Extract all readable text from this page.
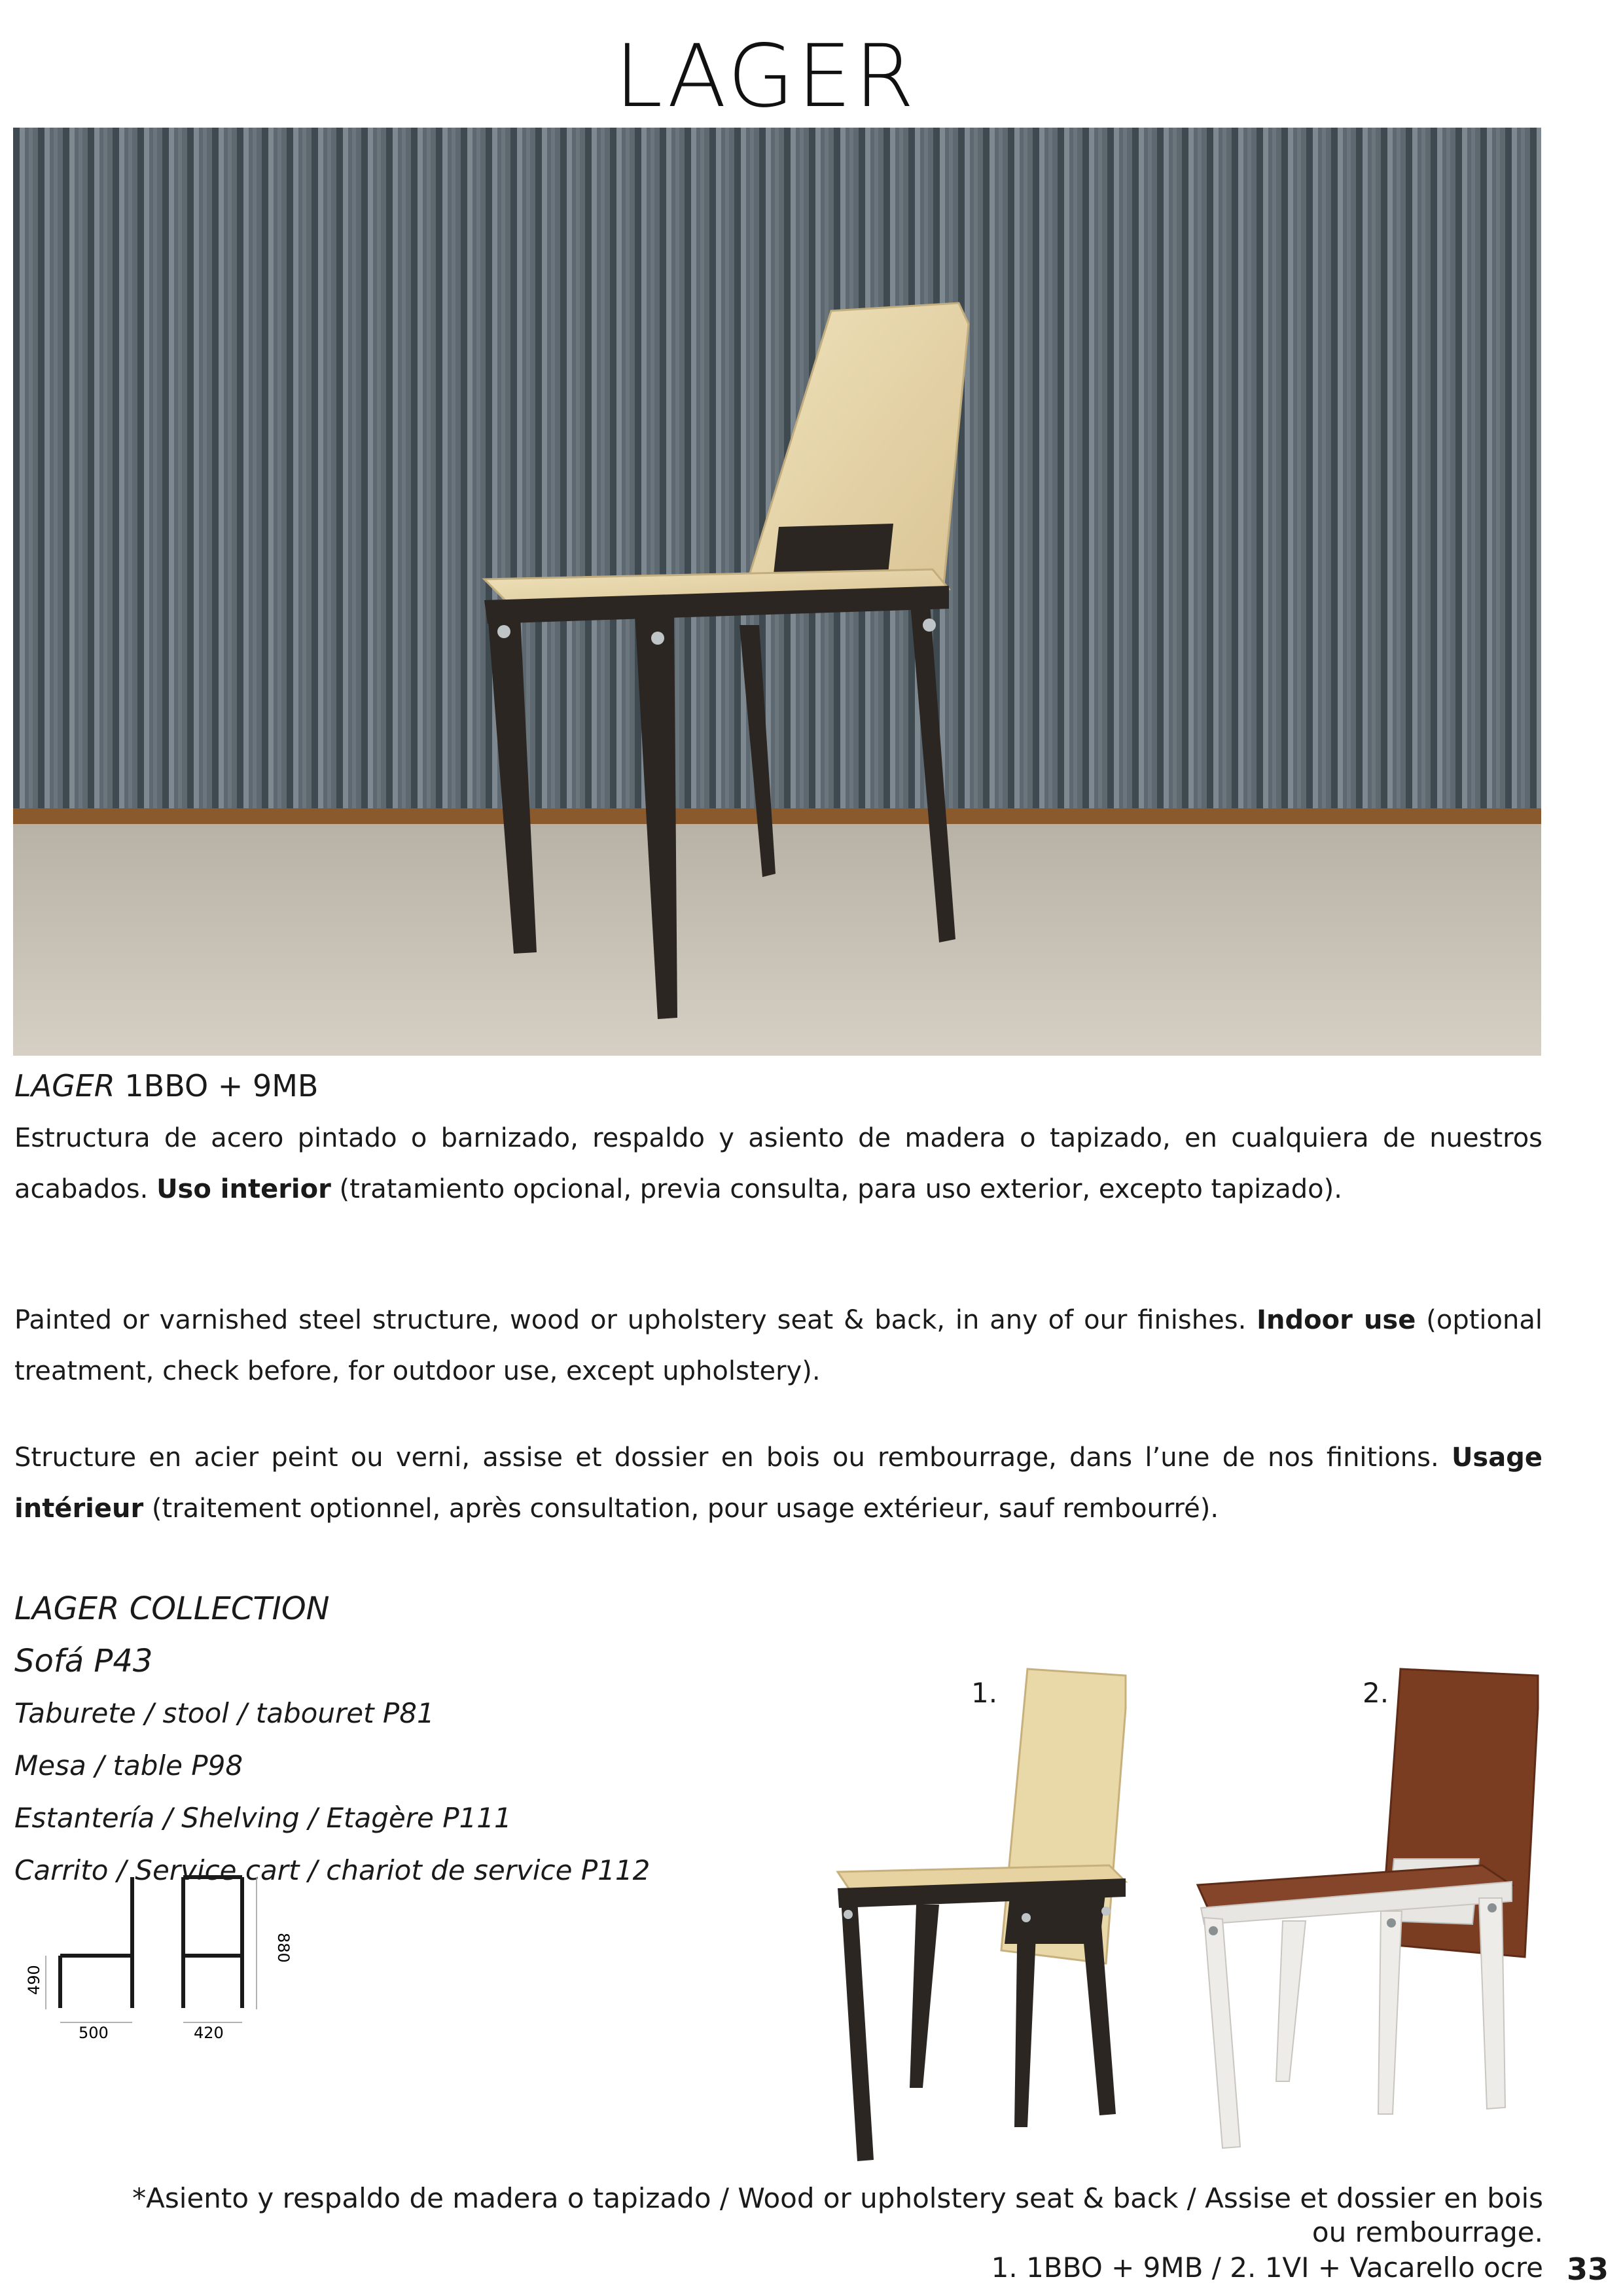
LAGER
LAGER 1BBO + 9MB
Estructura de acero pintado o barnizado, respaldo y asiento de madera o tapizado, en cualquiera de nuestros acabados. Uso interior (tratamiento opcional, previa consulta, para uso exterior, excepto tapizado).
Painted or varnished steel structure, wood or upholstery seat & back, in any of our finishes. Indoor use (optional treatment, check before, for outdoor use, except upholstery).
Structure en acier peint ou verni, assise et dossier en bois ou rembourrage, dans l’une de nos finitions. Usage intérieur (traitement optionnel, après consultation, pour usage extérieur, sauf rembourré).
LAGER COLLECTION
Sofá P43
Taburete / stool / tabouret P81
Mesa / table P98
Estantería / Shelving / Etagère P111
Carrito / Service cart / chariot de service P112
490
500	420
880
1.	2.
*Asiento y respaldo de madera o tapizado / Wood or upholstery seat & back / Assise et dossier en bois
ou rembourrage.
1. 1BBO + 9MB / 2. 1VI + Vacarello ocre 33
